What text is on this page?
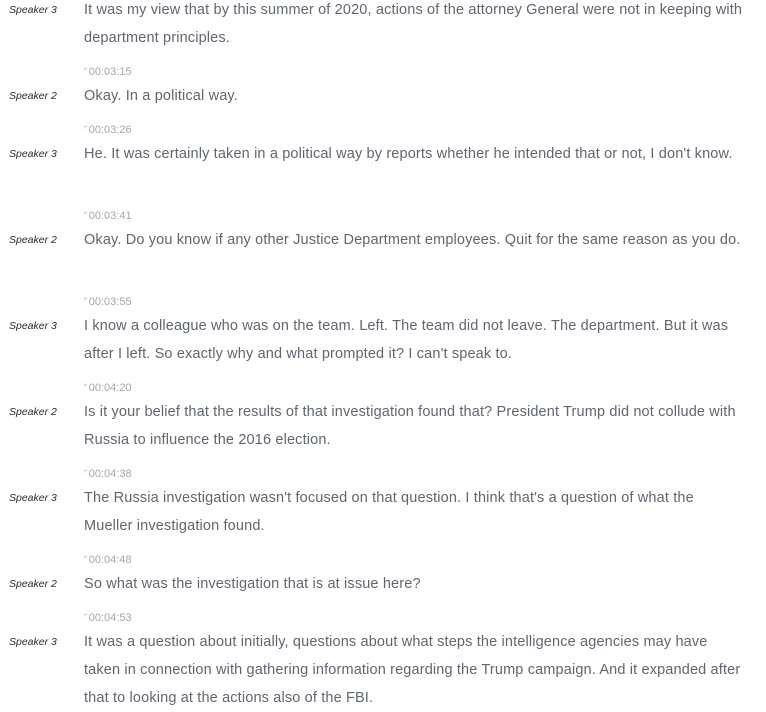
Speaker 3	It was my view that by this summer of 2020, actions of the attorney General were not in keeping with department principles.

Speaker 2
⌜00:03:15

Okay. In a political way.

Speaker 3
⌜00:03:26

He. It was certainly taken in a political way by reports whether he intended that or not, I don't know.

Speaker 2
⌜00:03:41

Okay. Do you know if any other Justice Department employees. Quit for the same reason as you do.

Speaker 3
⌜00:03:55

I know a colleague who was on the team. Left. The team did not leave. The department. But it was after I left. So exactly why and what prompted it? I can't speak to.

Speaker 2
⌜00:04:20

Is it your belief that the results of that investigation found that? President Trump did not collude with Russia to influence the 2016 election.

Speaker 3
⌜00:04:38

The Russia investigation wasn't focused on that question. I think that's a question of what the Mueller investigation found.

Speaker 2
⌜00:04:48

So what was the investigation that is at issue here?

Speaker 3
⌜00:04:53

It was a question about initially, questions about what steps the intelligence agencies may have taken in connection with gathering information regarding the Trump campaign. And it expanded after that to looking at the actions also of the FBI.
